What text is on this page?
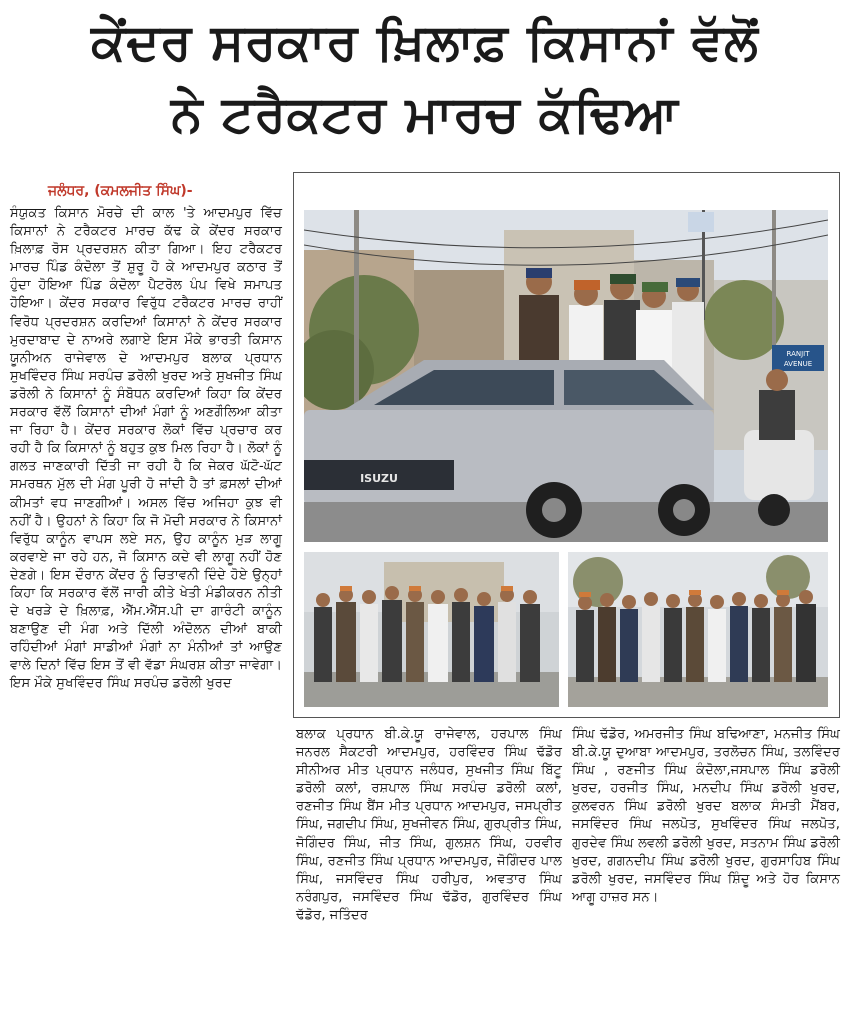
ਕੇਂਦਰ ਸਰਕਾਰ ਖ਼ਿਲਾਫ਼ ਕਿਸਾਨਾਂ ਵੱਲੋਂ
ਨੇ ਟਰੈਕਟਰ ਮਾਰਚ ਕੱਢਿਆ
ਜਲੰਧਰ, (ਕਮਲਜੀਤ ਸਿੰਘ)-
ਸੰਯੁਕਤ ਕਿਸਾਨ ਮੋਰਚੇ ਦੀ ਕਾਲ 'ਤੇ ਆਦਮਪੁਰ ਵਿੱਚ ਕਿਸਾਨਾਂ ਨੇ ਟਰੈਕਟਰ ਮਾਰਚ ਕੱਢ ਕੇ ਕੇਂਦਰ ਸਰਕਾਰ ਖ਼ਿਲਾਫ਼ ਰੋਸ ਪ੍ਰਦਰਸ਼ਨ ਕੀਤਾ ਗਿਆ। ਇਹ ਟਰੈਕਟਰ ਮਾਰਚ ਪਿੰਡ ਕੰਦੋਲਾ ਤੋਂ ਸ਼ੁਰੂ ਹੋ ਕੇ ਆਦਮਪੁਰ ਕਠਾਰ ਤੋਂ ਹੁੰਦਾ ਹੋਇਆ ਪਿੰਡ ਕੰਦੋਲਾ ਪੈਟਰੋਲ ਪੰਪ ਵਿਖੇ ਸਮਾਪਤ ਹੋਇਆ। ਕੇਂਦਰ ਸਰਕਾਰ ਵਿਰੁੱਧ ਟਰੈਕਟਰ ਮਾਰਚ ਰਾਹੀਂ ਵਿਰੋਧ ਪ੍ਰਦਰਸ਼ਨ ਕਰਦਿਆਂ ਕਿਸਾਨਾਂ ਨੇ ਕੇਂਦਰ ਸਰਕਾਰ ਮੁਰਦਾਬਾਦ ਦੇ ਨਾਅਰੇ ਲਗਾਏ ਇਸ ਮੌਕੇ ਭਾਰਤੀ ਕਿਸਾਨ ਯੂਨੀਅਨ ਰਾਜੇਵਾਲ ਦੇ ਆਦਮਪੁਰ ਬਲਾਕ ਪ੍ਰਧਾਨ ਸੁਖਵਿੰਦਰ ਸਿੰਘ ਸਰਪੰਚ ਡਰੋਲੀ ਖੁਰਦ ਅਤੇ ਸੁਖਜੀਤ ਸਿੰਘ ਡਰੋਲੀ ਨੇ ਕਿਸਾਨਾਂ ਨੂੰ ਸੰਬੋਧਨ ਕਰਦਿਆਂ ਕਿਹਾ ਕਿ ਕੇਂਦਰ ਸਰਕਾਰ ਵੱਲੋਂ ਕਿਸਾਨਾਂ ਦੀਆਂ ਮੰਗਾਂ ਨੂੰ ਅਣਗੌਲਿਆ ਕੀਤਾ ਜਾ ਰਿਹਾ ਹੈ। ਕੇਂਦਰ ਸਰਕਾਰ ਲੋਕਾਂ ਵਿੱਚ ਪ੍ਰਚਾਰ ਕਰ ਰਹੀ ਹੈ ਕਿ ਕਿਸਾਨਾਂ ਨੂੰ ਬਹੁਤ ਕੁਝ ਮਿਲ ਰਿਹਾ ਹੈ। ਲੋਕਾਂ ਨੂੰ ਗਲਤ ਜਾਣਕਾਰੀ ਦਿੱਤੀ ਜਾ ਰਹੀ ਹੈ ਕਿ ਜੇਕਰ ਘੱਟੋ-ਘੱਟ ਸਮਰਥਨ ਮੁੱਲ ਦੀ ਮੰਗ ਪੂਰੀ ਹੋ ਜਾਂਦੀ ਹੈ ਤਾਂ ਫ਼ਸਲਾਂ ਦੀਆਂ ਕੀਮਤਾਂ ਵਧ ਜਾਣਗੀਆਂ। ਅਸਲ ਵਿੱਚ ਅਜਿਹਾ ਕੁਝ ਵੀ ਨਹੀਂ ਹੈ। ਉਹਨਾਂ ਨੇ ਕਿਹਾ ਕਿ ਜੋ ਮੋਦੀ ਸਰਕਾਰ ਨੇ ਕਿਸਾਨਾਂ ਵਿਰੁੱਧ ਕਾਨੂੰਨ ਵਾਪਸ ਲਏ ਸਨ, ਉਹ ਕਾਨੂੰਨ ਮੁੜ ਲਾਗੂ ਕਰਵਾਏ ਜਾ ਰਹੇ ਹਨ, ਜੋ ਕਿਸਾਨ ਕਦੇ ਵੀ ਲਾਗੂ ਨਹੀਂ ਹੋਣ ਦੇਣਗੇ। ਇਸ ਦੌਰਾਨ ਕੇਂਦਰ ਨੂੰ ਚਿਤਾਵਨੀ ਦਿੰਦੇ ਹੋਏ ਉਨ੍ਹਾਂ ਕਿਹਾ ਕਿ ਸਰਕਾਰ ਵੱਲੋਂ ਜਾਰੀ ਕੀਤੇ ਖੇਤੀ ਮੰਡੀਕਰਨ ਨੀਤੀ ਦੇ ਖਰੜੇ ਦੇ ਖ਼ਿਲਾਫ਼, ਐੱਮ.ਐੱਸ.ਪੀ ਦਾ ਗਾਰੰਟੀ ਕਾਨੂੰਨ ਬਣਾਉਣ ਦੀ ਮੰਗ ਅਤੇ ਦਿੱਲੀ ਅੰਦੋਲਨ ਦੀਆਂ ਬਾਕੀ ਰਹਿੰਦੀਆਂ ਮੰਗਾਂ ਸਾਡੀਆਂ ਮੰਗਾਂ ਨਾ ਮੰਨੀਆਂ ਤਾਂ ਆਉਣ ਵਾਲੇ ਦਿਨਾਂ ਵਿੱਚ ਇਸ ਤੋਂ ਵੀ ਵੱਡਾ ਸੰਘਰਸ਼ ਕੀਤਾ ਜਾਵੇਗਾ। ਇਸ ਮੌਕੇ ਸੁਖਵਿੰਦਰ ਸਿੰਘ ਸਰਪੰਚ ਡਰੋਲੀ ਖੁਰਦ
RANJIT
AVENUE
ISUZU
ਬਲਾਕ ਪ੍ਰਧਾਨ ਬੀ.ਕੇ.ਯੂ ਰਾਜੇਵਾਲ, ਹਰਪਾਲ ਸਿੰਘ ਜਨਰਲ ਸੈਕਟਰੀ ਆਦਮਪੁਰ, ਹਰਵਿੰਦਰ ਸਿੰਘ ਢੱਡੋਰ ਸੀਨੀਅਰ ਮੀਤ ਪ੍ਰਧਾਨ ਜਲੰਧਰ, ਸੁਖਜੀਤ ਸਿੰਘ ਬਿੱਟੂ ਡਰੋਲੀ ਕਲਾਂ, ਰਸ਼ਪਾਲ ਸਿੰਘ ਸਰਪੰਚ ਡਰੋਲੀ ਕਲਾਂ, ਰਣਜੀਤ ਸਿੰਘ ਬੈਂਸ ਮੀਤ ਪ੍ਰਧਾਨ ਆਦਮਪੁਰ, ਜਸਪ੍ਰੀਤ ਸਿੰਘ, ਜਗਦੀਪ ਸਿੰਘ, ਸੁਖਜੀਵਨ ਸਿੰਘ, ਗੁਰਪ੍ਰੀਤ ਸਿੰਘ, ਜੋਗਿੰਦਰ ਸਿੰਘ, ਜੀਤ ਸਿੰਘ, ਗੁਲਸ਼ਨ ਸਿੰਘ, ਹਰਵੀਰ ਸਿੰਘ, ਰਣਜੀਤ ਸਿੰਘ ਪ੍ਰਧਾਨ ਆਦਮਪੁਰ, ਜੋਗਿੰਦਰ ਪਾਲ ਸਿੰਘ, ਜਸਵਿੰਦਰ ਸਿੰਘ ਹਰੀਪੁਰ, ਅਵਤਾਰ ਸਿੰਘ ਨਰੰਗਪੁਰ, ਜਸਵਿੰਦਰ ਸਿੰਘ ਢੱਡੋਰ, ਗੁਰਵਿੰਦਰ ਸਿੰਘ ਢੱਡੋਰ, ਜਤਿੰਦਰ
ਸਿੰਘ ਢੱਡੋਰ, ਅਮਰਜੀਤ ਸਿੰਘ ਬਢਿਆਣਾ, ਮਨਜੀਤ ਸਿੰਘ ਬੀ.ਕੇ.ਯੂ ਦੁਆਬਾ ਆਦਮਪੁਰ, ਤਰਲੋਚਨ ਸਿੰਘ, ਤਲਵਿੰਦਰ ਸਿੰਘ , ਰਣਜੀਤ ਸਿੰਘ ਕੰਦੋਲਾ,ਜਸਪਾਲ ਸਿੰਘ ਡਰੋਲੀ ਖੁਰਦ, ਹਰਜੀਤ ਸਿੰਘ, ਮਨਦੀਪ ਸਿੰਘ ਡਰੋਲੀ ਖੁਰਦ, ਕੁਲਵਰਨ ਸਿੰਘ ਡਰੋਲੀ ਖੁਰਦ ਬਲਾਕ ਸੰਮਤੀ ਮੈਂਬਰ, ਜਸਵਿੰਦਰ ਸਿੰਘ ਜਲਪੋਤ, ਸੁਖਵਿੰਦਰ ਸਿੰਘ ਜਲਪੋਤ, ਗੁਰਦੇਵ ਸਿੰਘ ਲਵਲੀ ਡਰੋਲੀ ਖੁਰਦ, ਸਤਨਾਮ ਸਿੰਘ ਡਰੋਲੀ ਖੁਰਦ, ਗਗਨਦੀਪ ਸਿੰਘ ਡਰੋਲੀ ਖੁਰਦ, ਗੁਰਸਾਹਿਬ ਸਿੰਘ ਡਰੋਲੀ ਖੁਰਦ, ਜਸਵਿੰਦਰ ਸਿੰਘ ਸ਼ਿੰਦੂ ਅਤੇ ਹੋਰ ਕਿਸਾਨ ਆਗੂ ਹਾਜ਼ਰ ਸਨ।
